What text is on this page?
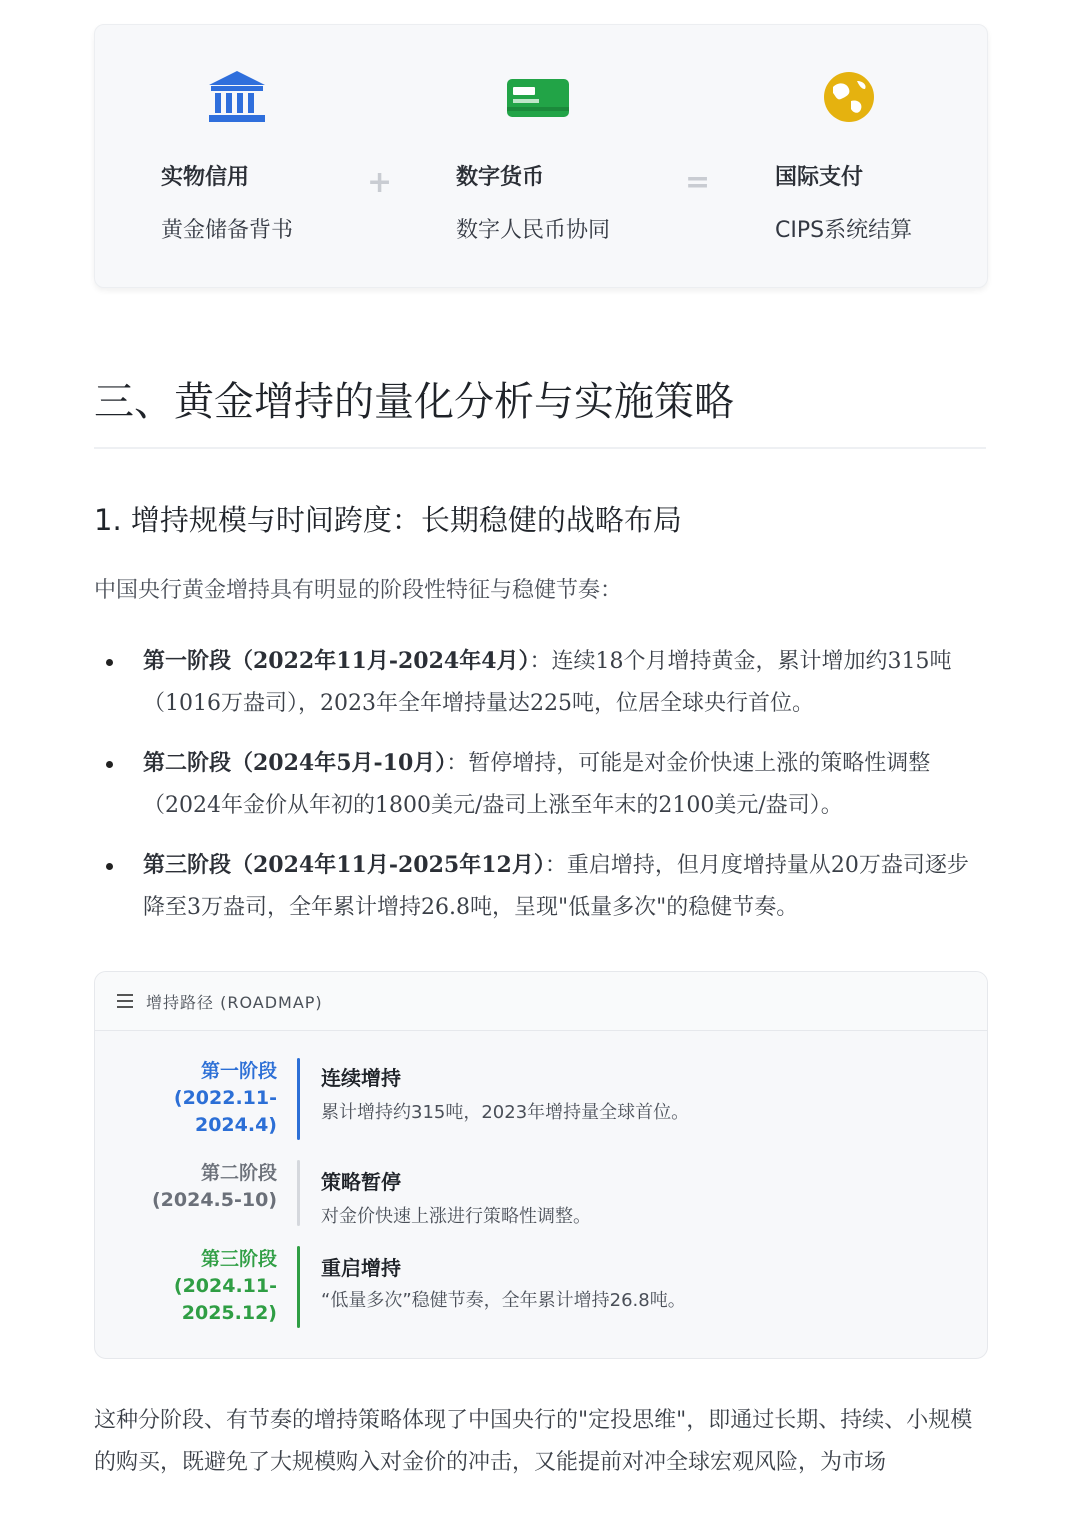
实物信用
黄金储备背书
+	数字货币
数字人民币协同
=	国际支付
CIPS系统结算
三、黄金增持的量化分析与实施策略
1. 增持规模与时间跨度：长期稳健的战略布局
中国央行黄金增持具有明显的阶段性特征与稳健节奏：
第一阶段（2022年11月-2024年4月）：连续18个月增持黄金，累计增加约315吨（1016万盎司），2023年全年增持量达225吨，位居全球央行首位。
第二阶段（2024年5月-10月）：暂停增持，可能是对金价快速上涨的策略性调整（2024年金价从年初的1800美元/盎司上涨至年末的2100美元/盎司）。
第三阶段（2024年11月-2025年12月）：重启增持，但月度增持量从20万盎司逐步降至3万盎司，全年累计增持26.8吨，呈现"低量多次"的稳健节奏。
增持路径 (ROADMAP)
第一阶段
(2022.11-
2024.4)
连续增持
累计增持约315吨，2023年增持量全球首位。
第二阶段
(2024.5-10)
策略暂停
对金价快速上涨进行策略性调整。
第三阶段
(2024.11-
2025.12)
重启增持
“低量多次”稳健节奏，全年累计增持26.8吨。
这种分阶段、有节奏的增持策略体现了中国央行的"定投思维"，即通过长期、持续、小规模的购买，既避免了大规模购入对金价的冲击，又能提前对冲全球宏观风险，为市场
